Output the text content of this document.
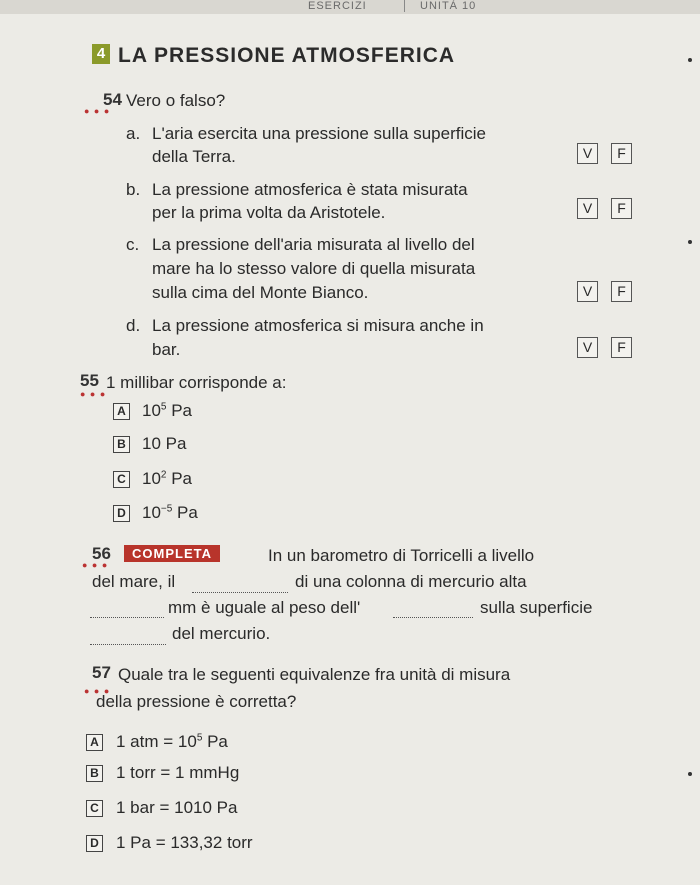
ESERCIZI	UNITÀ 10
4 LA PRESSIONE ATMOSFERICA
● ● ●
54 Vero o falso?
a. L'aria esercita una pressione sulla superficie
della Terra.	V	F
b. La pressione atmosferica è stata misurata
per la prima volta da Aristotele.	V	F
c. La pressione dell'aria misurata al livello del
mare ha lo stesso valore di quella misurata
sulla cima del Monte Bianco.	V	F
d. La pressione atmosferica si misura anche in
bar.	V	F
● ● ●
55 1 millibar corrisponde a:
A $10^5$ Pa
B 10 Pa
C $10^2$ Pa
D $10^{-5}$ Pa
● ● ●
56	COMPLETA	In un barometro di Torricelli a livello
del mare, il	di una colonna di mercurio alta
mm è uguale al peso dell'	sulla superficie
del mercurio.
● ● ●
57 Quale tra le seguenti equivalenze fra unità di misura
della pressione è corretta?
A 1 atm = $10^5$ Pa
B 1 torr = 1 mmHg
C 1 bar = 1010 Pa
D 1 Pa = 133,32 torr
